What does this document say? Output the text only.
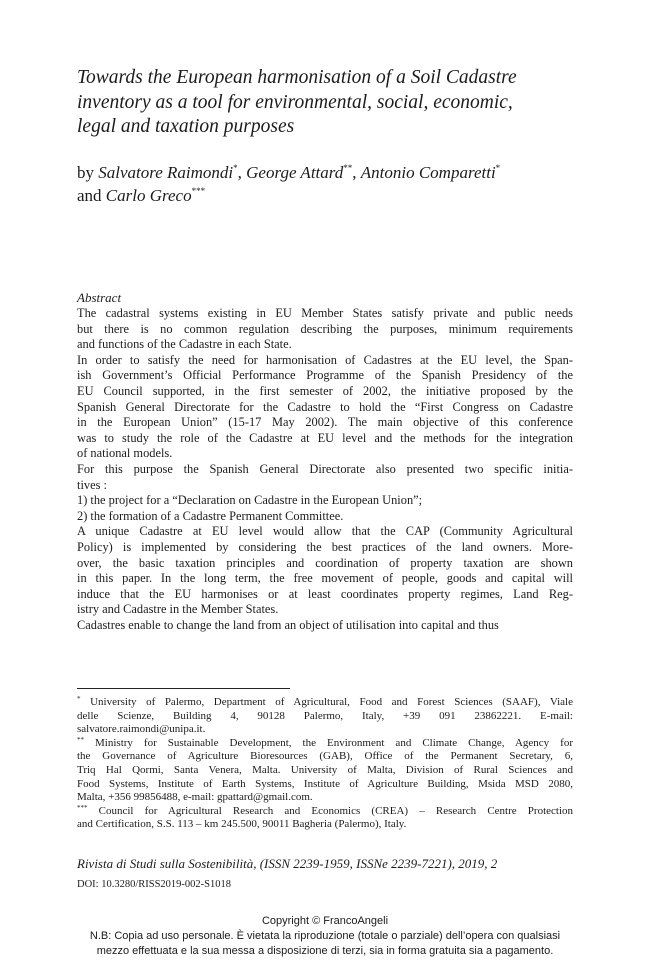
Towards the European harmonisation of a Soil Cadastre
inventory as a tool for environmental, social, economic,
legal and taxation purposes
by Salvatore Raimondi*, George Attard**, Antonio Comparetti*
and Carlo Greco***

Abstract

The cadastral systems existing in EU Member States satisfy private and public needs
but there is no common regulation describing the purposes, minimum requirements
and functions of the Cadastre in each State.
In order to satisfy the need for harmonisation of Cadastres at the EU level, the Span-
ish Government’s Official Performance Programme of the Spanish Presidency of the
EU Council supported, in the first semester of 2002, the initiative proposed by the
Spanish General Directorate for the Cadastre to hold the “First Congress on Cadastre
in the European Union” (15-17 May 2002). The main objective of this conference
was to study the role of the Cadastre at EU level and the methods for the integration
of national models.
For this purpose the Spanish General Directorate also presented two specific initia-
tives :
1) the project for a “Declaration on Cadastre in the European Union”;
2) the formation of a Cadastre Permanent Committee.
A unique Cadastre at EU level would allow that the CAP (Community Agricultural
Policy) is implemented by considering the best practices of the land owners. More-
over, the basic taxation principles and coordination of property taxation are shown
in this paper. In the long term, the free movement of people, goods and capital will
induce that the EU harmonises or at least coordinates property regimes, Land Reg-
istry and Cadastre in the Member States.
Cadastres enable to change the land from an object of utilisation into capital and thus
* University of Palermo, Department of Agricultural, Food and Forest Sciences (SAAF), Viale
delle Scienze, Building 4, 90128 Palermo, Italy, +39 091 23862221. E-mail:
salvatore.raimondi@unipa.it.
** Ministry for Sustainable Development, the Environment and Climate Change, Agency for
the Governance of Agriculture Bioresources (GAB), Office of the Permanent Secretary, 6,
Triq Hal Qormi, Santa Venera, Malta. University of Malta, Division of Rural Sciences and
Food Systems, Institute of Earth Systems, Institute of Agriculture Building, Msida MSD 2080,
Malta, +356 99856488, e-mail: gpattard@gmail.com.
*** Council for Agricultural Research and Economics (CREA) – Research Centre Protection
and Certification, S.S. 113 – km 245.500, 90011 Bagheria (Palermo), Italy.
Rivista di Studi sulla Sostenibilità, (ISSN 2239-1959, ISSNe 2239-7221), 2019, 2
DOI: 10.3280/RISS2019-002-S1018
Copyright © FrancoAngeli
N.B: Copia ad uso personale. È vietata la riproduzione (totale o parziale) dell’opera con qualsiasi
mezzo effettuata e la sua messa a disposizione di terzi, sia in forma gratuita sia a pagamento.
